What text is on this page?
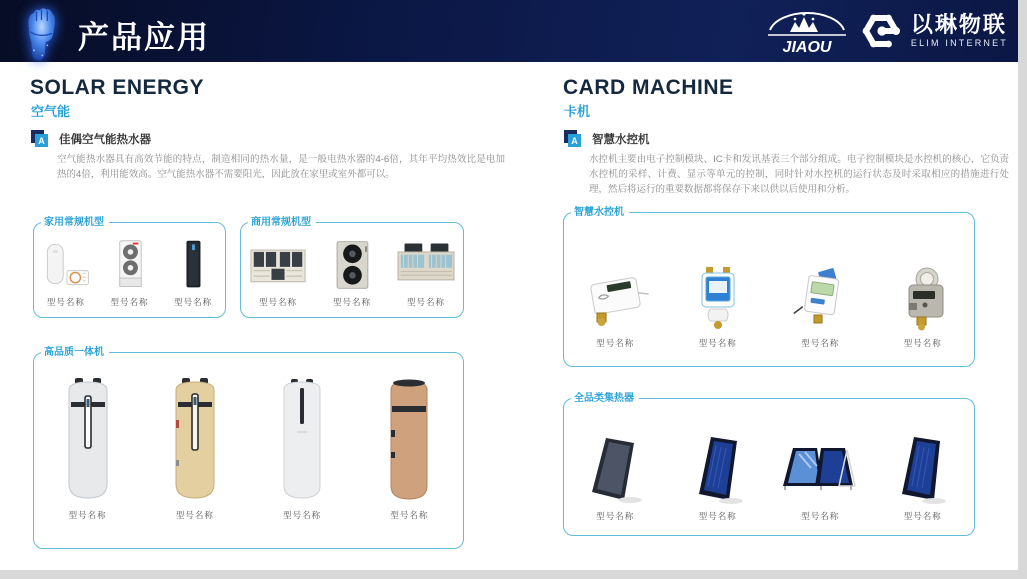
产品应用	JIAOU
以琳物联
ELIM INTERNET
SOLAR ENERGY
空气能
A 佳偶空气能热水器
空气能热水器具有高效节能的特点，制造相同的热水量，是一般电热水器的4-6倍，其年平均热效比是电加热的4倍，利用能效高。空气能热水器不需要阳光，因此放在家里或室外都可以。
家用常规机型
型号名称	型号名称	型号名称
商用常规机型
型号名称	型号名称	型号名称
高品质一体机
型号名称	型号名称	型号名称	型号名称
CARD MACHINE
卡机
A 智慧水控机
水控机主要由电子控制模块、IC卡和发讯基表三个部分组成。电子控制模块是水控机的核心，它负责水控机的采样、计费、显示等单元的控制，同时针对水控机的运行状态及时采取相应的措施进行处理，然后将运行的重要数据都将保存下来以供以后使用和分析。
智慧水控机
型号名称	型号名称	型号名称	型号名称
全品类集热器
型号名称	型号名称	型号名称	型号名称
